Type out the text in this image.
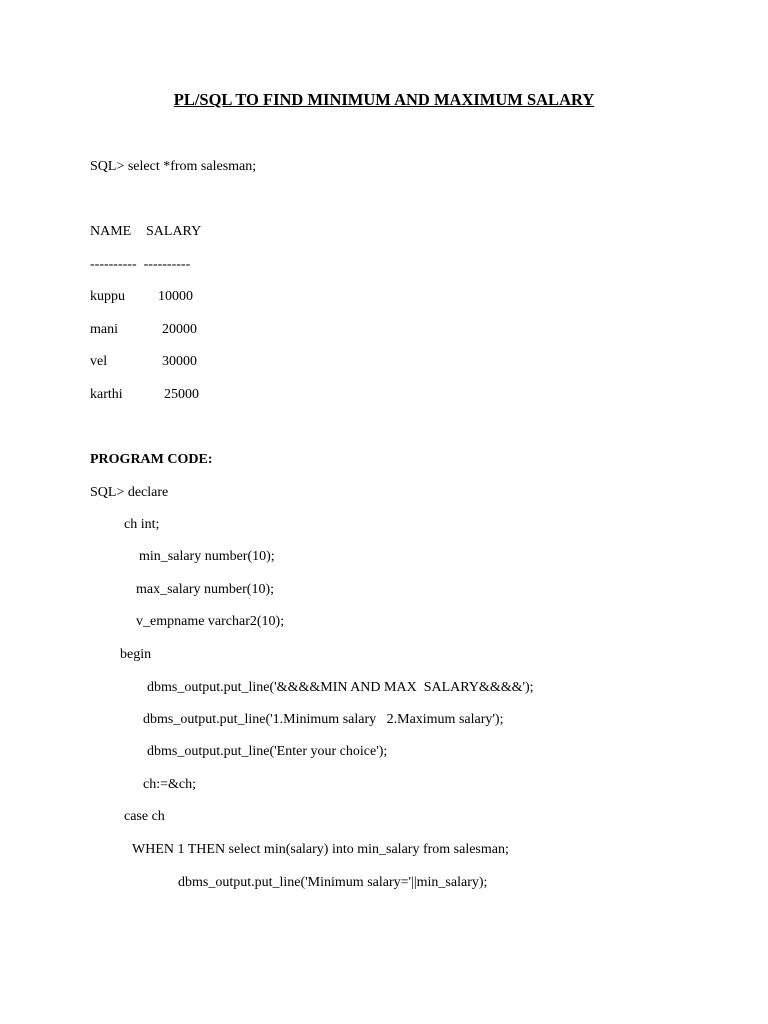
PL/SQL TO FIND MINIMUM AND MAXIMUM SALARY
SQL> select *from salesman;
NAME SALARY
----------  ----------
kuppu 10000
mani	20000
vel	30000
karthi	25000
PROGRAM CODE:
SQL> declare
ch int;
min_salary number(10);
max_salary number(10);
v_empname varchar2(10);
begin
dbms_output.put_line('&&&&MIN AND MAX  SALARY&&&&');
dbms_output.put_line('1.Minimum salary   2.Maximum salary');
dbms_output.put_line('Enter your choice');
ch:=&ch;
case ch
WHEN 1 THEN select min(salary) into min_salary from salesman;
dbms_output.put_line('Minimum salary='||min_salary);
